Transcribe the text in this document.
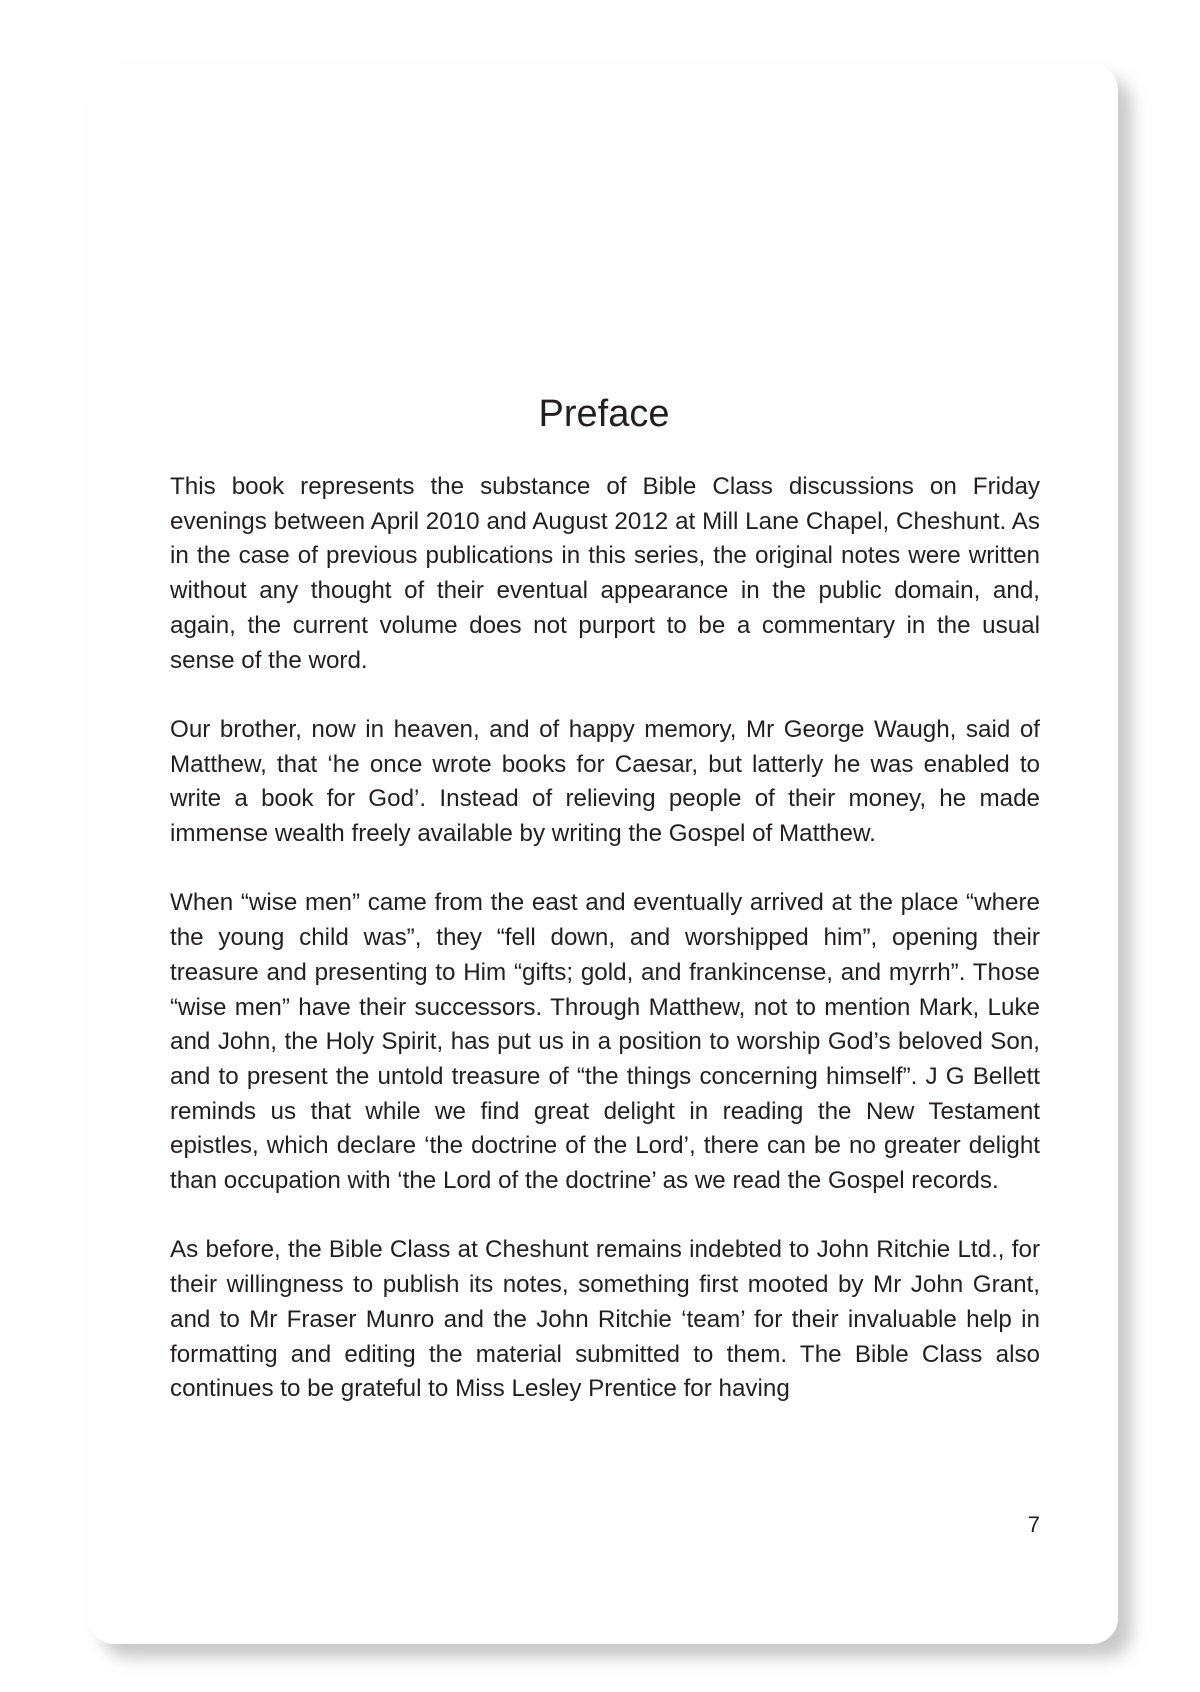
Preface

This book represents the substance of Bible Class discussions on Friday evenings between April 2010 and August 2012 at Mill Lane Chapel, Cheshunt. As in the case of previous publications in this series, the original notes were written without any thought of their eventual appearance in the public domain, and, again, the current volume does not purport to be a commentary in the usual sense of the word.

Our brother, now in heaven, and of happy memory, Mr George Waugh, said of Matthew, that ‘he once wrote books for Caesar, but latterly he was enabled to write a book for God’. Instead of relieving people of their money, he made immense wealth freely available by writing the Gospel of Matthew.

When “wise men” came from the east and eventually arrived at the place “where the young child was”, they “fell down, and worshipped him”, opening their treasure and presenting to Him “gifts; gold, and frankincense, and myrrh”. Those “wise men” have their successors. Through Matthew, not to mention Mark, Luke and John, the Holy Spirit, has put us in a position to worship God’s beloved Son, and to present the untold treasure of “the things concerning himself”. J G Bellett reminds us that while we find great delight in reading the New Testament epistles, which declare ‘the doctrine of the Lord’, there can be no greater delight than occupation with ‘the Lord of the doctrine’ as we read the Gospel records.

As before, the Bible Class at Cheshunt remains indebted to John Ritchie Ltd., for their willingness to publish its notes, something first mooted by Mr John Grant, and to Mr Fraser Munro and the John Ritchie ‘team’ for their invaluable help in formatting and editing the material submitted to them. The Bible Class also continues to be grateful to Miss Lesley Prentice for having

7
